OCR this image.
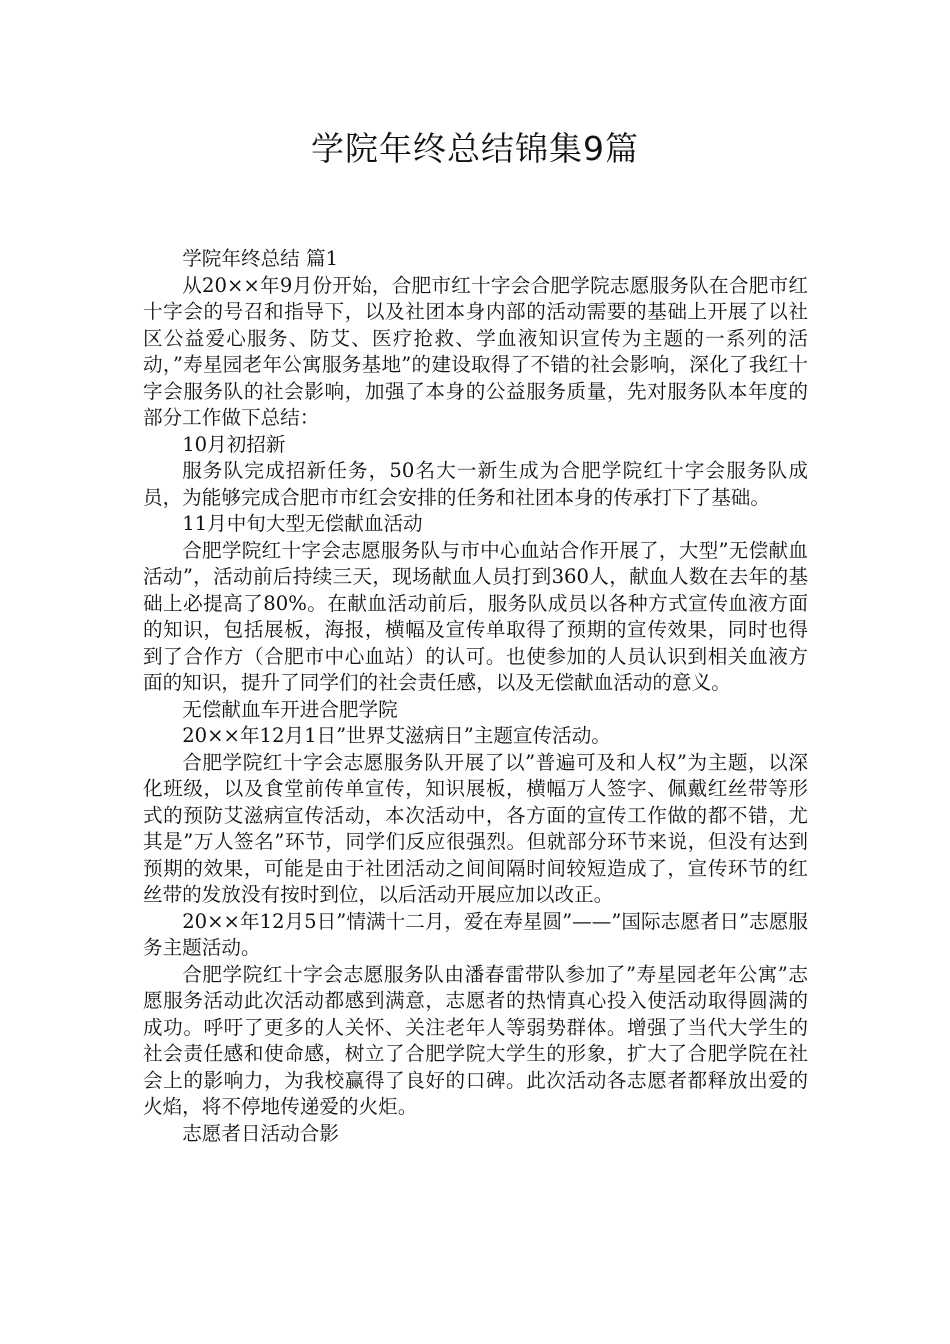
学院年终总结锦集9篇

学院年终总结 篇1

从20××年9月份开始，合肥市红十字会合肥学院志愿服务队在合肥市红十字会的号召和指导下，以及社团本身内部的活动需要的基础上开展了以社区公益爱心服务、防艾、医疗抢救、学血液知识宣传为主题的一系列的活动，”寿星园老年公寓服务基地”的建设取得了不错的社会影响，深化了我红十字会服务队的社会影响，加强了本身的公益服务质量，先对服务队本年度的部分工作做下总结：

10月初招新

服务队完成招新任务，50名大一新生成为合肥学院红十字会服务队成员，为能够完成合肥市市红会安排的任务和社团本身的传承打下了基础。

11月中旬大型无偿献血活动

合肥学院红十字会志愿服务队与市中心血站合作开展了，大型”无偿献血活动”，活动前后持续三天，现场献血人员打到360人，献血人数在去年的基础上必提高了80%。在献血活动前后，服务队成员以各种方式宣传血液方面的知识，包括展板，海报，横幅及宣传单取得了预期的宣传效果，同时也得到了合作方（合肥市中心血站）的认可。也使参加的人员认识到相关血液方面的知识，提升了同学们的社会责任感，以及无偿献血活动的意义。

无偿献血车开进合肥学院

20××年12月1日”世界艾滋病日”主题宣传活动。

合肥学院红十字会志愿服务队开展了以”普遍可及和人权”为主题，以深化班级，以及食堂前传单宣传，知识展板，横幅万人签字、佩戴红丝带等形式的预防艾滋病宣传活动，本次活动中，各方面的宣传工作做的都不错，尤其是”万人签名”环节，同学们反应很强烈。但就部分环节来说，但没有达到预期的效果，可能是由于社团活动之间间隔时间较短造成了，宣传环节的红丝带的发放没有按时到位，以后活动开展应加以改正。

20××年12月5日”情满十二月，爱在寿星圆”——”国际志愿者日”志愿服务主题活动。

合肥学院红十字会志愿服务队由潘春雷带队参加了”寿星园老年公寓”志愿服务活动此次活动都感到满意，志愿者的热情真心投入使活动取得圆满的成功。呼吁了更多的人关怀、关注老年人等弱势群体。增强了当代大学生的社会责任感和使命感，树立了合肥学院大学生的形象，扩大了合肥学院在社会上的影响力，为我校赢得了良好的口碑。此次活动各志愿者都释放出爱的火焰，将不停地传递爱的火炬。

志愿者日活动合影
